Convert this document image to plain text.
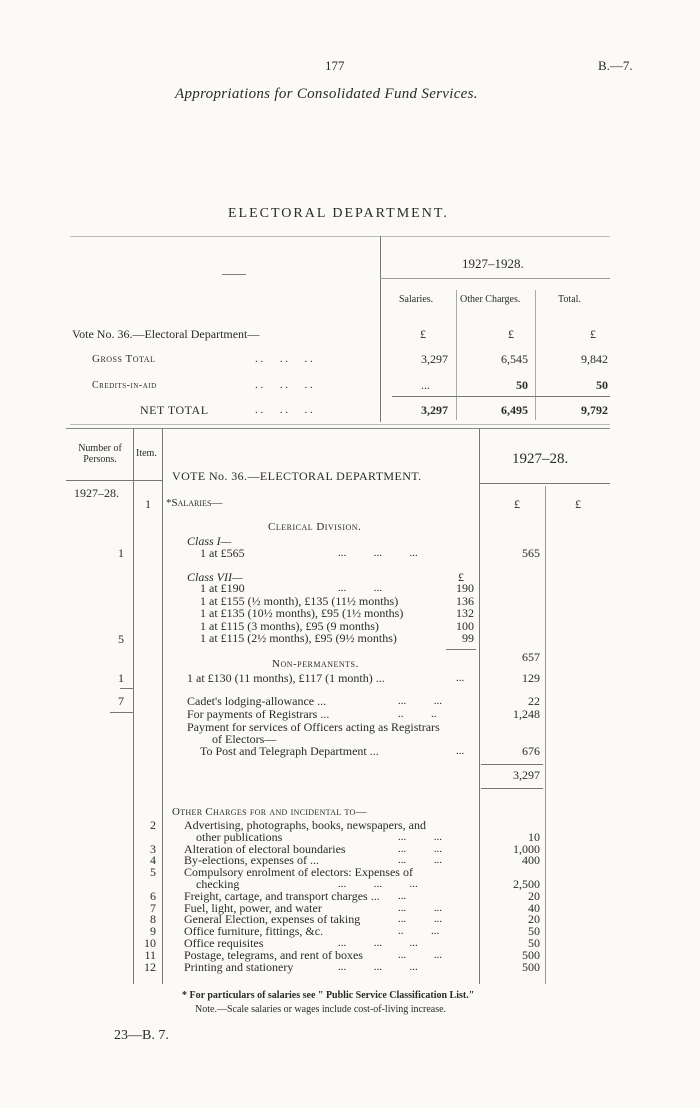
177	B.—7.
Appropriations for Consolidated Fund Services.
ELECTORAL DEPARTMENT.
——
1927–1928.
Salaries.	Other Charges.	Total.
Vote No. 36.—Electoral Department—	£	£	£
Gross Total	. .      . .      . .	3,297	6,545	9,842
Credits-in-aid	. .      . .      . .	...	50	50
NET TOTAL	. .      . .      . .	3,297	6,495	9,792
Number of Persons.
Item.	1927–28.
VOTE No. 36.—ELECTORAL DEPARTMENT.
1927–28.
1 *Salaries—	£	£
Clerical Division.
Class I—
1	1 at £565	...          ...          ...	565
Class VII—	£
1 at £190	...          ...	190
1 at £155 (½ month), £135 (11½ months)	136
1 at £135 (10½ months), £95 (1½ months)	132
1 at £115 (3 months), £95 (9 months)	100
5	1 at £115 (2½ months), £95 (9½ months)	99
657
Non-permanents.
1	1 at £130 (11 months), £117 (1 month) ...	...	129
7	Cadet's lodging-allowance ...	...          ...	22
For payments of Registrars ...	..          ..	1,248
Payment for services of Officers acting as Registrars
of Electors—
To Post and Telegraph Department ...	...	676
3,297
Other Charges for and incidental to—
2 Advertising, photographs, books, newspapers, and
other publications	...          ...	10
3 Alteration of electoral boundaries	...          ...	1,000
4 By-elections, expenses of ...	...          ...	400
5 Compulsory enrolment of electors: Expenses of
checking	...          ...          ...	2,500
6 Freight, cartage, and transport charges ... ...	20
7 Fuel, light, power, and water	...          ...	40
8 General Election, expenses of taking	...          ...	20
9 Office furniture, fittings, &c.	..          ...	50
10 Office requisites	...          ...          ...	50
11 Postage, telegrams, and rent of boxes	...          ...	500
12 Printing and stationery	...          ...          ...	500
* For particulars of salaries see " Public Service Classification List."
Note.—Scale salaries or wages include cost-of-living increase.
23—B. 7.
